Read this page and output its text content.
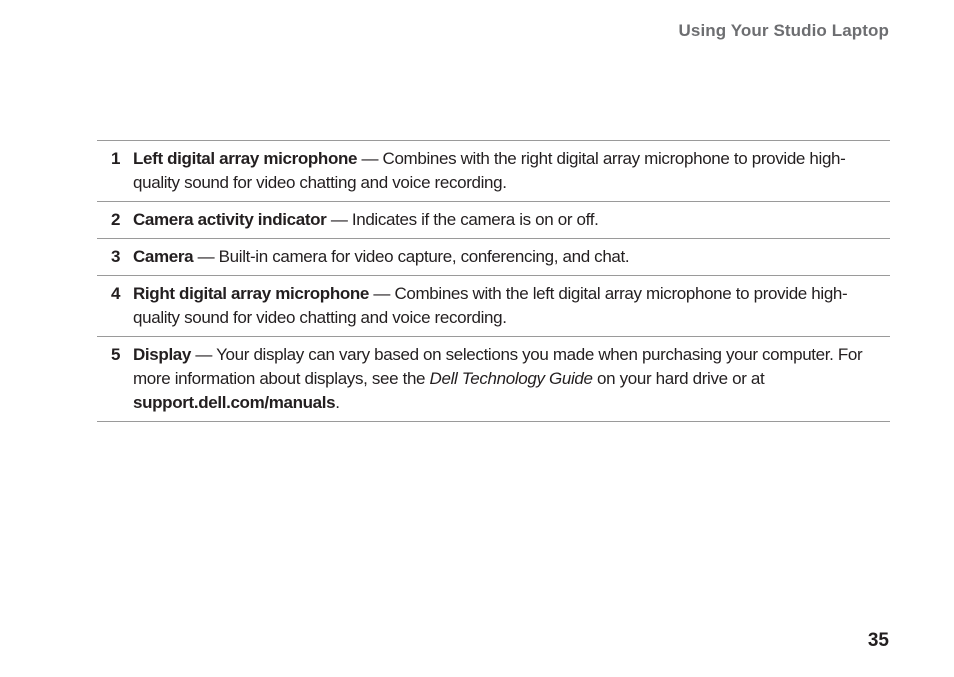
Using Your Studio Laptop
1 Left digital array microphone — Combines with the right digital array microphone to provide high-quality sound for video chatting and voice recording.
2 Camera activity indicator — Indicates if the camera is on or off.
3 Camera — Built-in camera for video capture, conferencing, and chat.
4 Right digital array microphone — Combines with the left digital array microphone to provide high-quality sound for video chatting and voice recording.
5 Display — Your display can vary based on selections you made when purchasing your computer. For more information about displays, see the Dell Technology Guide on your hard drive or at support.dell.com/manuals.
35
